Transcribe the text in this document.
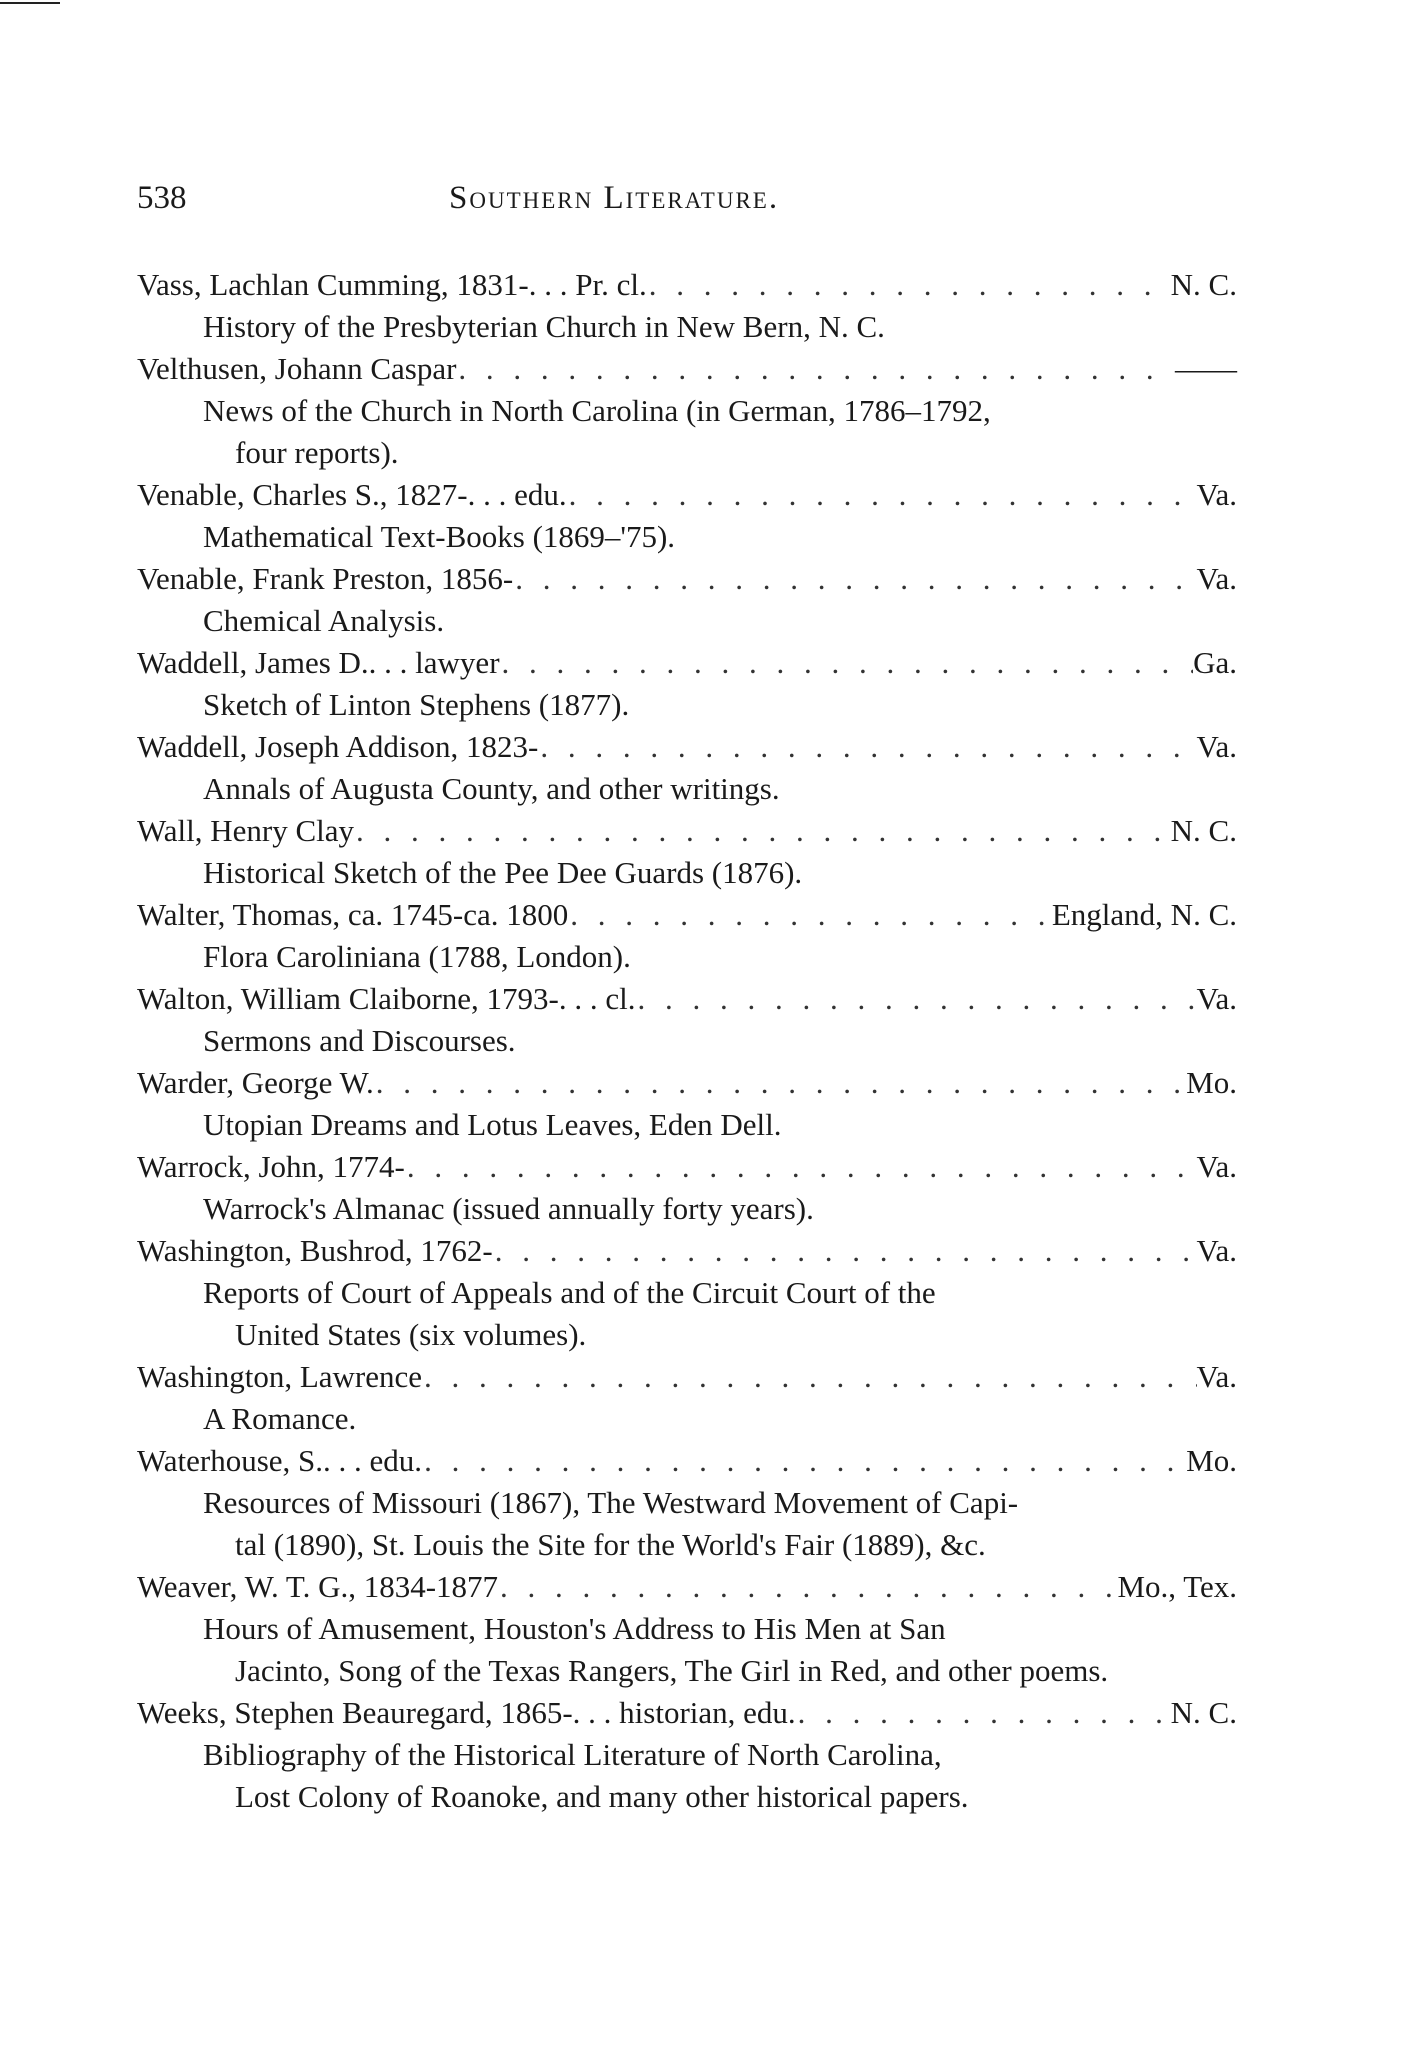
538	Southern Literature.
Vass, Lachlan Cumming, 1831- . . . Pr. cl. . . .	N. C.
History of the Presbyterian Church in New Bern, N. C.
Velthusen, Johann Caspar . . .	——
News of the Church in North Carolina (in German, 1786–1792,
four reports).
Venable, Charles S., 1827- . . . edu. . . .	Va.
Mathematical Text-Books (1869–'75).
Venable, Frank Preston, 1856- . . .	Va.
Chemical Analysis.
Waddell, James D. . . . lawyer . . .	Ga.
Sketch of Linton Stephens (1877).
Waddell, Joseph Addison, 1823- . . .	Va.
Annals of Augusta County, and other writings.
Wall, Henry Clay . . .	N. C.
Historical Sketch of the Pee Dee Guards (1876).
Walter, Thomas, ca. 1745-ca. 1800 . . .	England, N. C.
Flora Caroliniana (1788, London).
Walton, William Claiborne, 1793- . . . cl. . . .	Va.
Sermons and Discourses.
Warder, George W. . . .	Mo.
Utopian Dreams and Lotus Leaves, Eden Dell.
Warrock, John, 1774- . . .	Va.
Warrock's Almanac (issued annually forty years).
Washington, Bushrod, 1762- . . .	Va.
Reports of Court of Appeals and of the Circuit Court of the
United States (six volumes).
Washington, Lawrence . . .	Va.
A Romance.
Waterhouse, S. . . . edu. . . .	Mo.
Resources of Missouri (1867), The Westward Movement of Capi-
tal (1890), St. Louis the Site for the World's Fair (1889), &c.
Weaver, W. T. G., 1834-1877 . . .	Mo., Tex.
Hours of Amusement, Houston's Address to His Men at San
Jacinto, Song of the Texas Rangers, The Girl in Red, and other poems.
Weeks, Stephen Beauregard, 1865- . . . historian, edu. . . .	N. C.
Bibliography of the Historical Literature of North Carolina,
Lost Colony of Roanoke, and many other historical papers.
